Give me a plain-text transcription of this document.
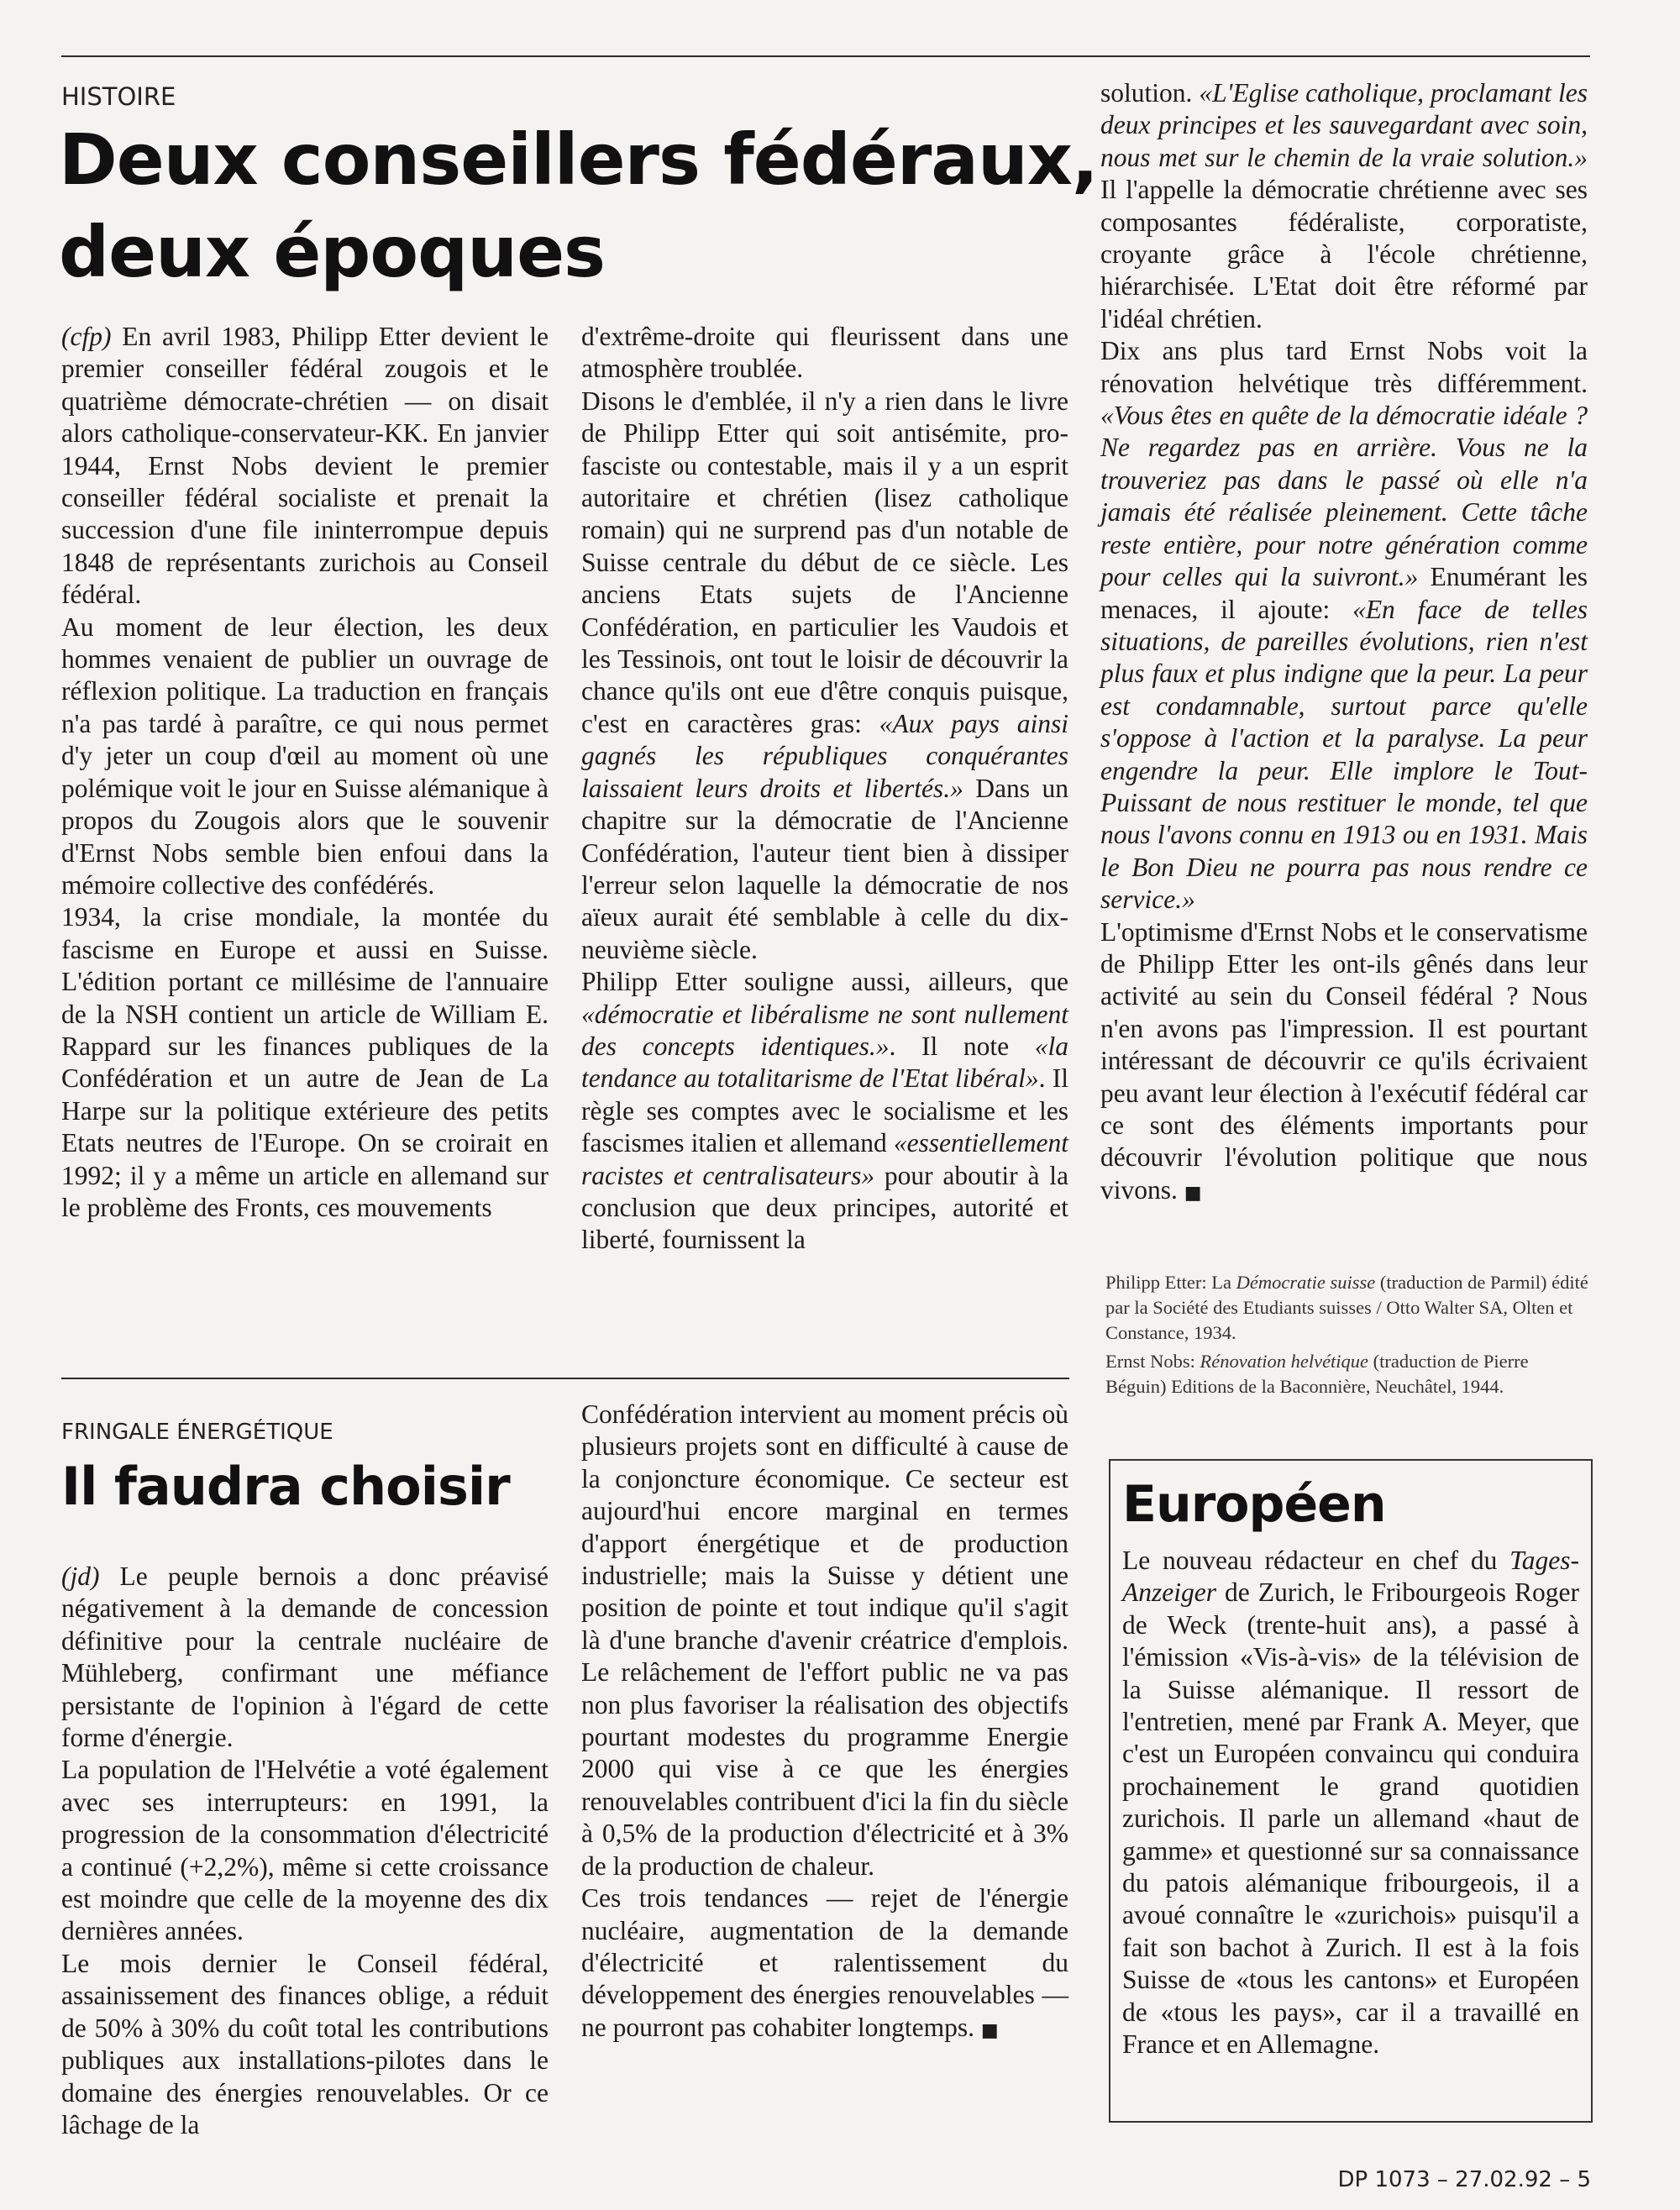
HISTOIRE
Deux conseillers fédéraux,
deux époques

(cfp) En avril 1983, Philipp Etter devient le premier conseiller fédéral zougois et le quatrième démocrate-chrétien — on disait alors catholique-conservateur-KK. En janvier 1944, Ernst Nobs devient le premier conseiller fédéral socialiste et prenait la succession d'une file ininterrompue depuis 1848 de représentants zurichois au Conseil fédéral.

Au moment de leur élection, les deux hommes venaient de publier un ouvrage de réflexion politique. La traduction en français n'a pas tardé à paraître, ce qui nous permet d'y jeter un coup d'œil au moment où une polémique voit le jour en Suisse alémanique à propos du Zougois alors que le souvenir d'Ernst Nobs semble bien enfoui dans la mémoire collective des confédérés.

1934, la crise mondiale, la montée du fascisme en Europe et aussi en Suisse. L'édition portant ce millésime de l'annuaire de la NSH contient un article de William E. Rappard sur les finances publiques de la Confédération et un autre de Jean de La Harpe sur la politique extérieure des petits Etats neutres de l'Europe. On se croirait en 1992; il y a même un article en allemand sur le problème des Fronts, ces mouvements

d'extrême-droite qui fleurissent dans une atmosphère troublée.

Disons le d'emblée, il n'y a rien dans le livre de Philipp Etter qui soit antisémite, pro-fasciste ou contestable, mais il y a un esprit autoritaire et chrétien (lisez catholique romain) qui ne surprend pas d'un notable de Suisse centrale du début de ce siècle. Les anciens Etats sujets de l'Ancienne Confédération, en particulier les Vaudois et les Tessinois, ont tout le loisir de découvrir la chance qu'ils ont eue d'être conquis puisque, c'est en caractères gras: «Aux pays ainsi gagnés les républiques conquérantes laissaient leurs droits et libertés.» Dans un chapitre sur la démocratie de l'Ancienne Confédération, l'auteur tient bien à dissiper l'erreur selon laquelle la démocratie de nos aïeux aurait été semblable à celle du dix-neuvième siècle.

Philipp Etter souligne aussi, ailleurs, que «démocratie et libéralisme ne sont nullement des concepts identiques.». Il note «la tendance au totalitarisme de l'Etat libéral». Il règle ses comptes avec le socialisme et les fascismes italien et allemand «essentiellement racistes et centralisateurs» pour aboutir à la conclusion que deux principes, autorité et liberté, fournissent la

solution. «L'Eglise catholique, proclamant les deux principes et les sauvegardant avec soin, nous met sur le chemin de la vraie solution.» Il l'appelle la démocratie chrétienne avec ses composantes fédéraliste, corporatiste, croyante grâce à l'école chrétienne, hiérarchisée. L'Etat doit être réformé par l'idéal chrétien.

Dix ans plus tard Ernst Nobs voit la rénovation helvétique très différemment. «Vous êtes en quête de la démocratie idéale ? Ne regardez pas en arrière. Vous ne la trouveriez pas dans le passé où elle n'a jamais été réalisée pleinement. Cette tâche reste entière, pour notre génération comme pour celles qui la suivront.» Enumérant les menaces, il ajoute: «En face de telles situations, de pareilles évolutions, rien n'est plus faux et plus indigne que la peur. La peur est condamnable, surtout parce qu'elle s'oppose à l'action et la paralyse. La peur engendre la peur. Elle implore le Tout-Puissant de nous restituer le monde, tel que nous l'avons connu en 1913 ou en 1931. Mais le Bon Dieu ne pourra pas nous rendre ce service.»

L'optimisme d'Ernst Nobs et le conservatisme de Philipp Etter les ont-ils gênés dans leur activité au sein du Conseil fédéral ? Nous n'en avons pas l'impression. Il est pourtant intéressant de découvrir ce qu'ils écrivaient peu avant leur élection à l'exécutif fédéral car ce sont des éléments importants pour découvrir l'évolution politique que nous vivons. ■

Philipp Etter: La Démocratie suisse (traduction de Parmil) édité par la Société des Etudiants suisses / Otto Walter SA, Olten et Constance, 1934.

Ernst Nobs: Rénovation helvétique (traduction de Pierre Béguin) Editions de la Baconnière, Neuchâtel, 1944.

FRINGALE ÉNERGÉTIQUE
Il faudra choisir

(jd) Le peuple bernois a donc préavisé négativement à la demande de concession définitive pour la centrale nucléaire de Mühleberg, confirmant une méfiance persistante de l'opinion à l'égard de cette forme d'énergie.

La population de l'Helvétie a voté également avec ses interrupteurs: en 1991, la progression de la consommation d'électricité a continué (+2,2%), même si cette croissance est moindre que celle de la moyenne des dix dernières années.

Le mois dernier le Conseil fédéral, assainissement des finances oblige, a réduit de 50% à 30% du coût total les contributions publiques aux installations-pilotes dans le domaine des énergies renouvelables. Or ce lâchage de la

Confédération intervient au moment précis où plusieurs projets sont en difficulté à cause de la conjoncture économique. Ce secteur est aujourd'hui encore marginal en termes d'apport énergétique et de production industrielle; mais la Suisse y détient une position de pointe et tout indique qu'il s'agit là d'une branche d'avenir créatrice d'emplois. Le relâchement de l'effort public ne va pas non plus favoriser la réalisation des objectifs pourtant modestes du programme Energie 2000 qui vise à ce que les énergies renouvelables contribuent d'ici la fin du siècle à 0,5% de la production d'électricité et à 3% de la production de chaleur.

Ces trois tendances — rejet de l'énergie nucléaire, augmentation de la demande d'électricité et ralentissement du développement des énergies renouvelables — ne pourront pas cohabiter longtemps. ■

Européen
Le nouveau rédacteur en chef du Tages-Anzeiger de Zurich, le Fribourgeois Roger de Weck (trente-huit ans), a passé à l'émission «Vis-à-vis» de la télévision de la Suisse alémanique. Il ressort de l'entretien, mené par Frank A. Meyer, que c'est un Européen convaincu qui conduira prochainement le grand quotidien zurichois. Il parle un allemand «haut de gamme» et questionné sur sa connaissance du patois alémanique fribourgeois, il a avoué connaître le «zurichois» puisqu'il a fait son bachot à Zurich. Il est à la fois Suisse de «tous les cantons» et Européen de «tous les pays», car il a travaillé en France et en Allemagne.
DP 1073 – 27.02.92 – 5
